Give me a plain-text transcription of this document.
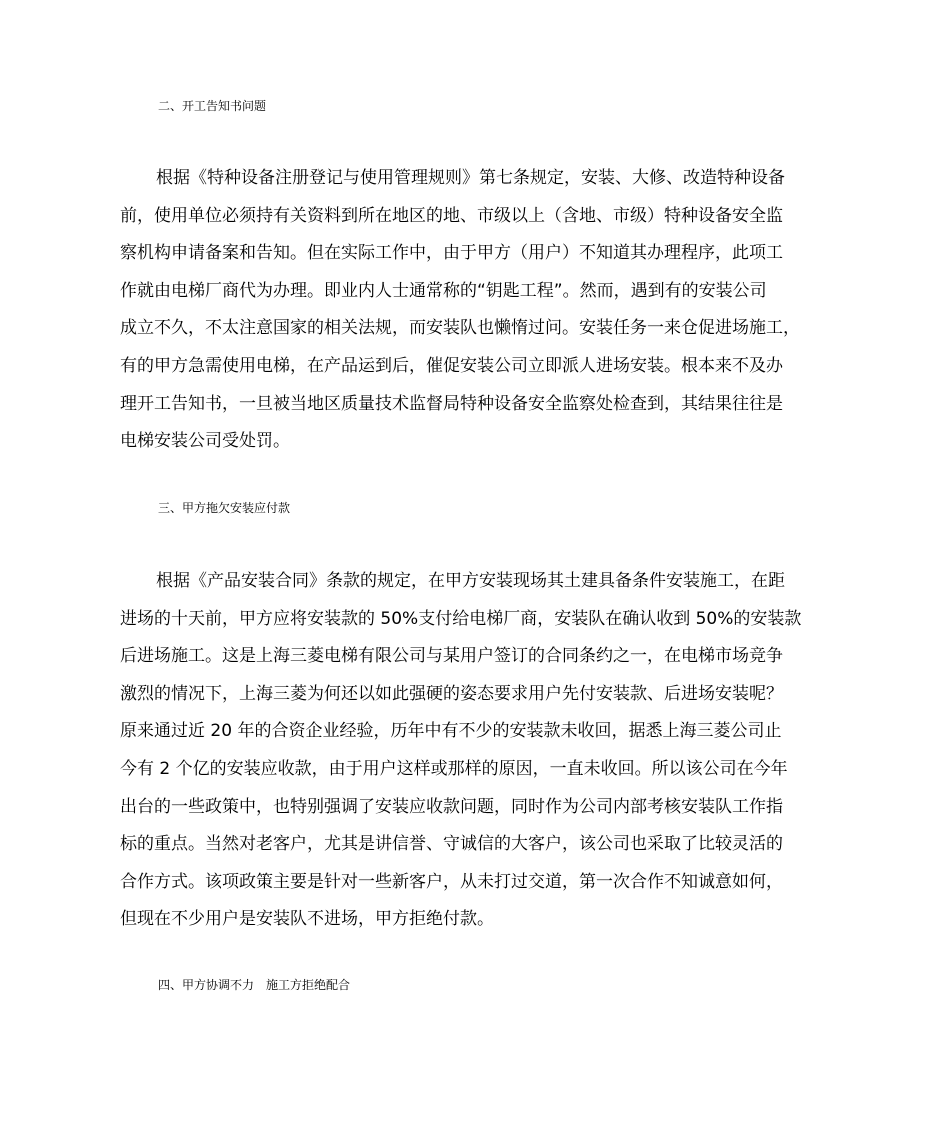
二、开工告知书问题
根据《特种设备注册登记与使用管理规则》第七条规定，安装、大修、改造特种设备
前，使用单位必须持有关资料到所在地区的地、市级以上（含地、市级）特种设备安全监
察机构申请备案和告知。但在实际工作中，由于甲方（用户）不知道其办理程序，此项工
作就由电梯厂商代为办理。即业内人士通常称的“钥匙工程”。然而，遇到有的安装公司
成立不久，不太注意国家的相关法规，而安装队也懒惰过问。安装任务一来仓促进场施工，
有的甲方急需使用电梯，在产品运到后，催促安装公司立即派人进场安装。根本来不及办
理开工告知书，一旦被当地区质量技术监督局特种设备安全监察处检查到，其结果往往是
电梯安装公司受处罚。
三、甲方拖欠安装应付款
根据《产品安装合同》条款的规定，在甲方安装现场其土建具备条件安装施工，在距
进场的十天前，甲方应将安装款的 50%支付给电梯厂商，安装队在确认收到 50%的安装款
后进场施工。这是上海三菱电梯有限公司与某用户签订的合同条约之一，在电梯市场竞争
激烈的情况下，上海三菱为何还以如此强硬的姿态要求用户先付安装款、后进场安装呢？
原来通过近 20 年的合资企业经验，历年中有不少的安装款未收回，据悉上海三菱公司止
今有 2 个亿的安装应收款，由于用户这样或那样的原因，一直未收回。所以该公司在今年
出台的一些政策中，也特别强调了安装应收款问题，同时作为公司内部考核安装队工作指
标的重点。当然对老客户，尤其是讲信誉、守诚信的大客户，该公司也采取了比较灵活的
合作方式。该项政策主要是针对一些新客户，从未打过交道，第一次合作不知诚意如何，
但现在不少用户是安装队不进场，甲方拒绝付款。
四、甲方协调不力　施工方拒绝配合
